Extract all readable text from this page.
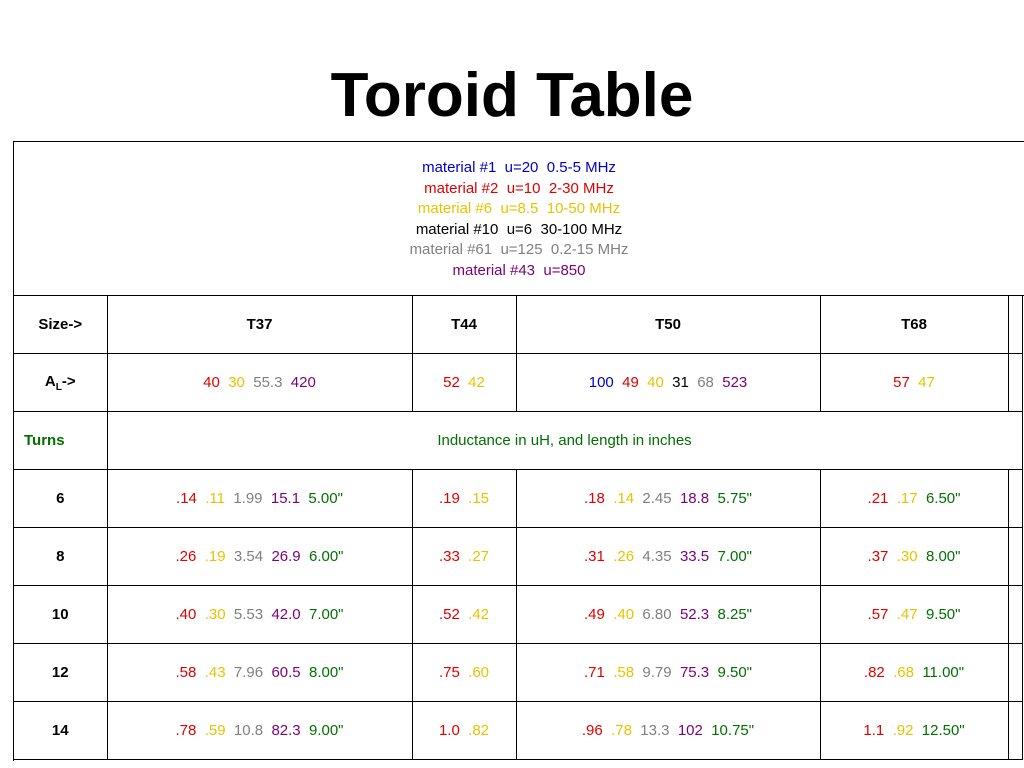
Toroid Table
material #1  u=20  0.5-5 MHz
material #2  u=10  2-30 MHz
material #6  u=8.5  10-50 MHz
material #10  u=6  30-100 MHz
material #61  u=125  0.2-15 MHz
material #43  u=850
Size->	T37	T44	T50	T68	
$A_L->$	40 30 55.3 420	52 42	100 49 40 31 68 523	57 47	
Turns	Inductance in uH, and length in inches				
6	.14 .11 1.99 15.1 5.00"	.19 .15	.18 .14 2.45 18.8 5.75"	.21 .17 6.50"	
8	.26 .19 3.54 26.9 6.00"	.33 .27	.31 .26 4.35 33.5 7.00"	.37 .30 8.00"	
10	.40 .30 5.53 42.0 7.00"	.52 .42	.49 .40 6.80 52.3 8.25"	.57 .47 9.50"	
12	.58 .43 7.96 60.5 8.00"	.75 .60	.71 .58 9.79 75.3 9.50"	.82 .68 11.00"	
14	.78 .59 10.8 82.3 9.00"	1.0 .82	.96 .78 13.3 102 10.75"	1.1 .92 12.50"	
